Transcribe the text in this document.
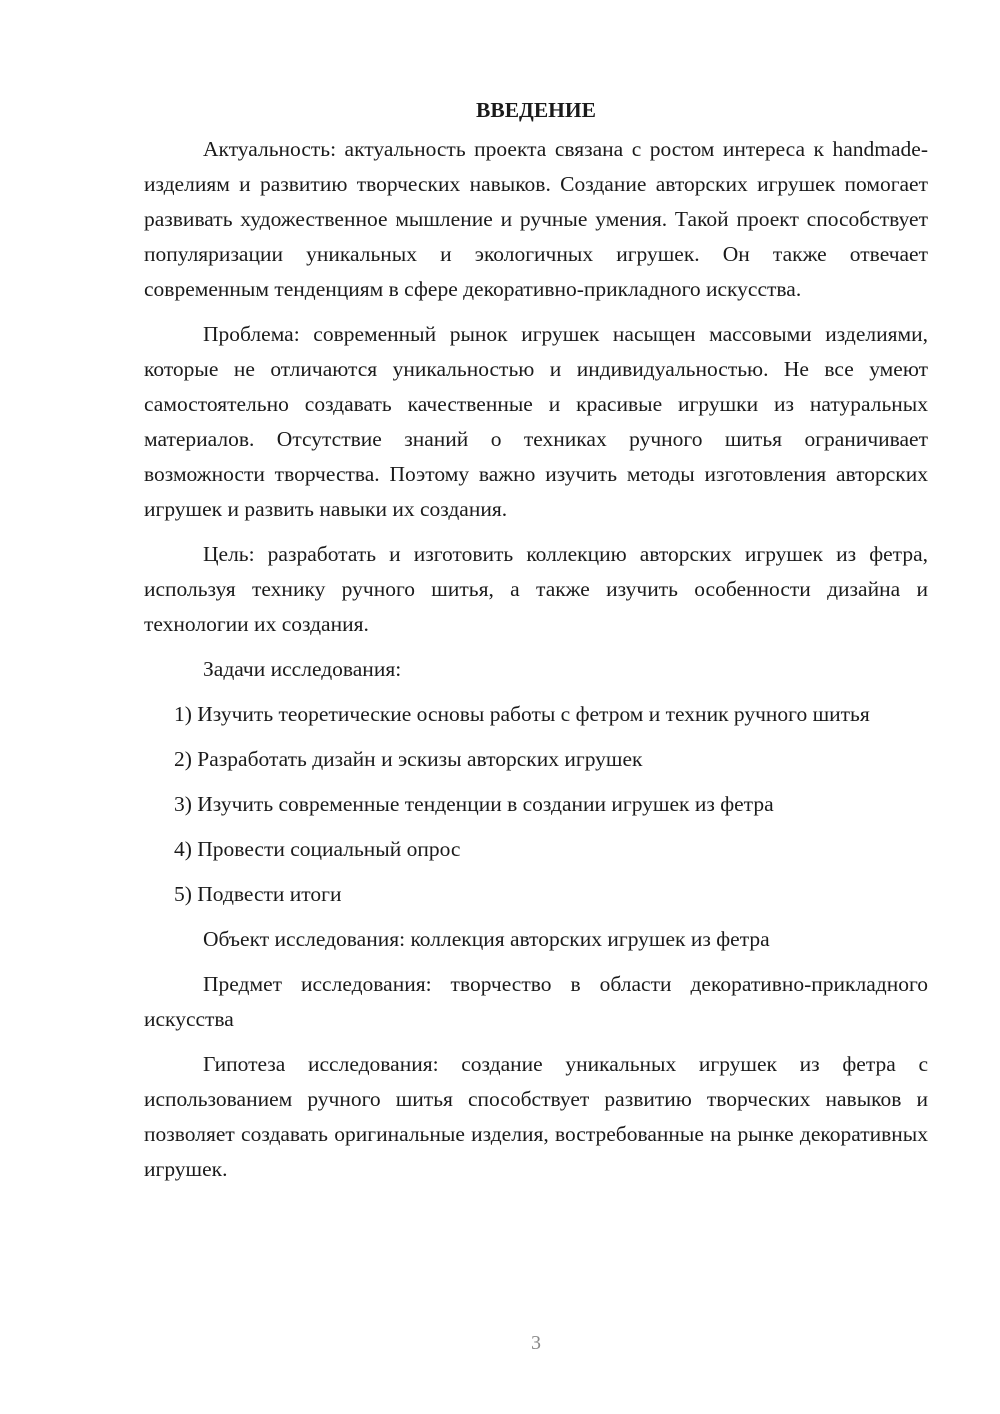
ВВЕДЕНИЕ

Актуальность: актуальность проекта связана с ростом интереса к handmade-изделиям и развитию творческих навыков. Создание авторских игрушек помогает развивать художественное мышление и ручные умения. Такой проект способствует популяризации уникальных и экологичных игрушек. Он также отвечает современным тенденциям в сфере декоративно-прикладного искусства.

Проблема: современный рынок игрушек насыщен массовыми изделиями, которые не отличаются уникальностью и индивидуальностью. Не все умеют самостоятельно создавать качественные и красивые игрушки из натуральных материалов. Отсутствие знаний о техниках ручного шитья ограничивает возможности творчества. Поэтому важно изучить методы изготовления авторских игрушек и развить навыки их создания.

Цель: разработать и изготовить коллекцию авторских игрушек из фетра, используя технику ручного шитья, а также изучить особенности дизайна и технологии их создания.

Задачи исследования:

1) Изучить теоретические основы работы с фетром и техник ручного шитья

2) Разработать дизайн и эскизы авторских игрушек

3) Изучить современные тенденции в создании игрушек из фетра

4) Провести социальный опрос

5) Подвести итоги

Объект исследования: коллекция авторских игрушек из фетра

Предмет исследования: творчество в области декоративно-прикладного искусства

Гипотеза исследования: создание уникальных игрушек из фетра с использованием ручного шитья способствует развитию творческих навыков и позволяет создавать оригинальные изделия, востребованные на рынке декоративных игрушек.

3
